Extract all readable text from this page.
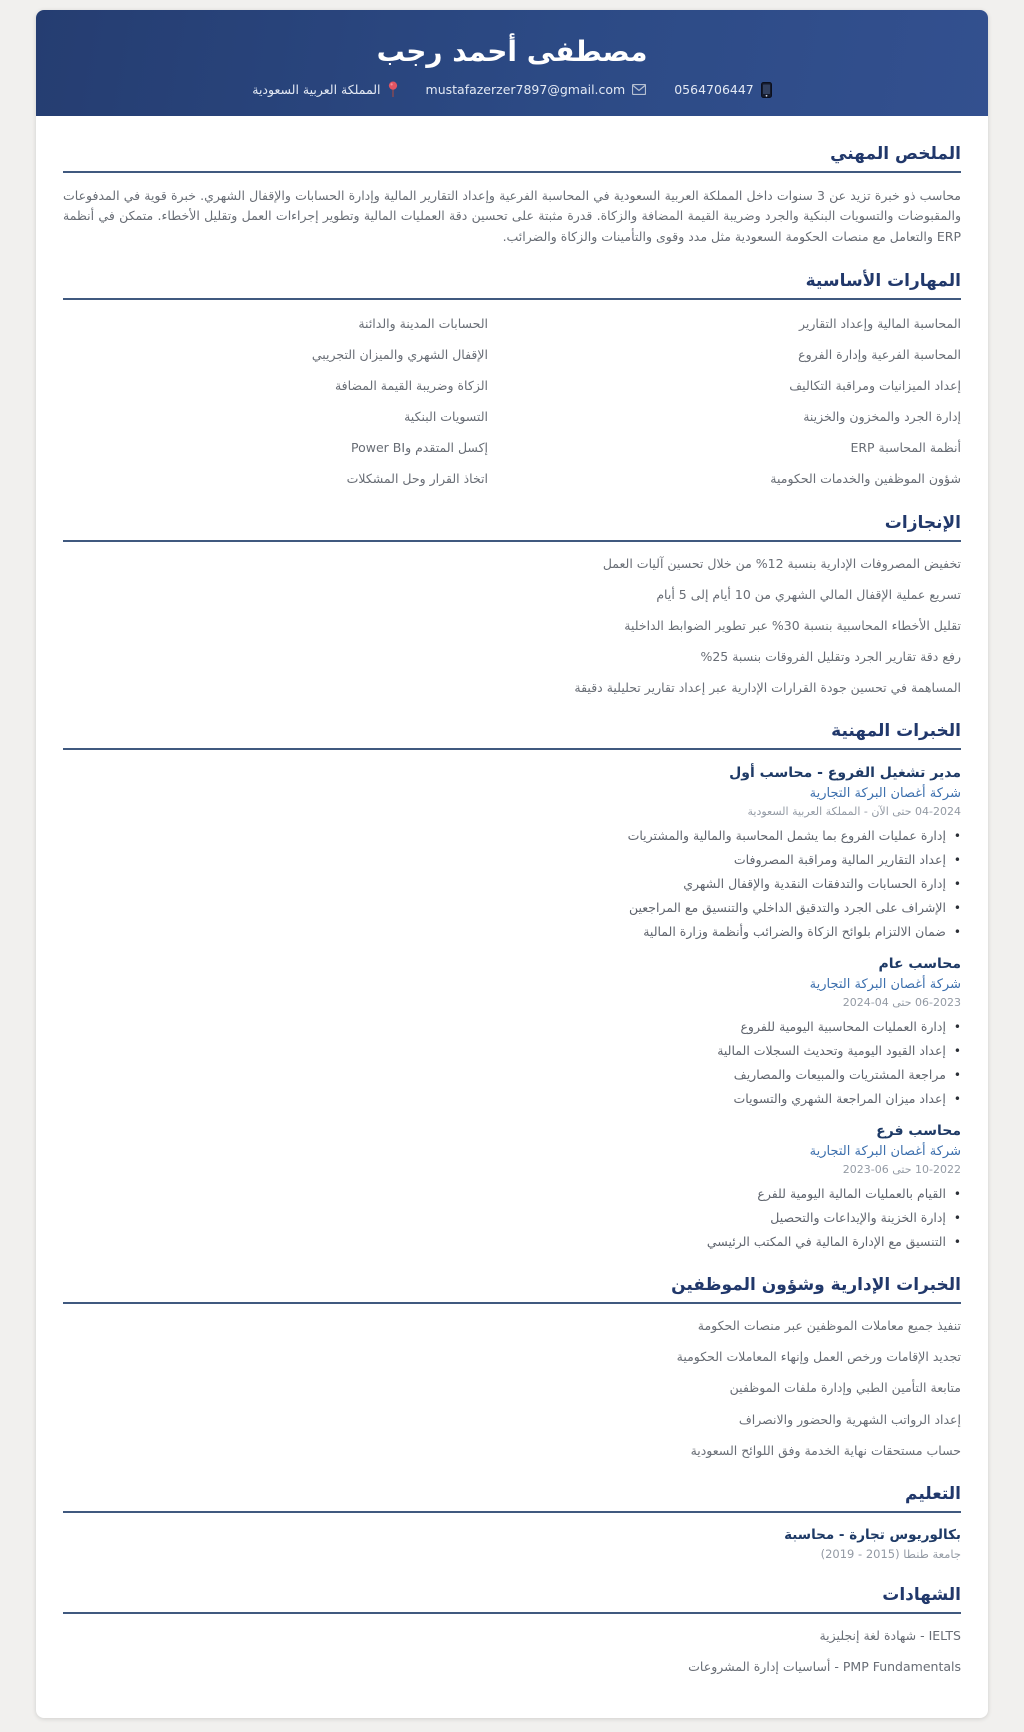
مصطفى أحمد رجب
0564706447
mustafazerzer7897@gmail.com
المملكة العربية السعودية
الملخص المهني

محاسب ذو خبرة تزيد عن 3 سنوات داخل المملكة العربية السعودية في المحاسبة الفرعية وإعداد التقارير المالية وإدارة الحسابات والإقفال الشهري. خبرة قوية في المدفوعات والمقبوضات والتسويات البنكية والجرد وضريبة القيمة المضافة والزكاة. قدرة مثبتة على تحسين دقة العمليات المالية وتطوير إجراءات العمل وتقليل الأخطاء. متمكن في أنظمة ERP والتعامل مع منصات الحكومة السعودية مثل مدد وقوى والتأمينات والزكاة والضرائب.

المهارات الأساسية
المحاسبة المالية وإعداد التقارير
الحسابات المدينة والدائنة
المحاسبة الفرعية وإدارة الفروع
الإقفال الشهري والميزان التجريبي
إعداد الميزانيات ومراقبة التكاليف
الزكاة وضريبة القيمة المضافة
إدارة الجرد والمخزون والخزينة
التسويات البنكية
أنظمة المحاسبة ERP
إكسل المتقدم وPower BI
شؤون الموظفين والخدمات الحكومية
اتخاذ القرار وحل المشكلات
الإنجازات
تخفيض المصروفات الإدارية بنسبة 12% من خلال تحسين آليات العمل
تسريع عملية الإقفال المالي الشهري من 10 أيام إلى 5 أيام
تقليل الأخطاء المحاسبية بنسبة 30% عبر تطوير الضوابط الداخلية
رفع دقة تقارير الجرد وتقليل الفروقات بنسبة 25%
المساهمة في تحسين جودة القرارات الإدارية عبر إعداد تقارير تحليلية دقيقة
الخبرات المهنية
مدير تشغيل الفروع - محاسب أول
شركة أغصان البركة التجارية
04-2024 حتى الآن - المملكة العربية السعودية
• إدارة عمليات الفروع بما يشمل المحاسبة والمالية والمشتريات
• إعداد التقارير المالية ومراقبة المصروفات
• إدارة الحسابات والتدفقات النقدية والإقفال الشهري
• الإشراف على الجرد والتدقيق الداخلي والتنسيق مع المراجعين
• ضمان الالتزام بلوائح الزكاة والضرائب وأنظمة وزارة المالية
محاسب عام
شركة أغصان البركة التجارية
06-2023 حتى 04-2024
• إدارة العمليات المحاسبية اليومية للفروع
• إعداد القيود اليومية وتحديث السجلات المالية
• مراجعة المشتريات والمبيعات والمصاريف
• إعداد ميزان المراجعة الشهري والتسويات
محاسب فرع
شركة أغصان البركة التجارية
10-2022 حتى 06-2023
• القيام بالعمليات المالية اليومية للفرع
• إدارة الخزينة والإيداعات والتحصيل
• التنسيق مع الإدارة المالية في المكتب الرئيسي
الخبرات الإدارية وشؤون الموظفين
تنفيذ جميع معاملات الموظفين عبر منصات الحكومة
تجديد الإقامات ورخص العمل وإنهاء المعاملات الحكومية
متابعة التأمين الطبي وإدارة ملفات الموظفين
إعداد الرواتب الشهرية والحضور والانصراف
حساب مستحقات نهاية الخدمة وفق اللوائح السعودية
التعليم
بكالوريوس تجارة - محاسبة
جامعة طنطا (2015 - 2019)
الشهادات
IELTS - شهادة لغة إنجليزية
PMP Fundamentals - أساسيات إدارة المشروعات
